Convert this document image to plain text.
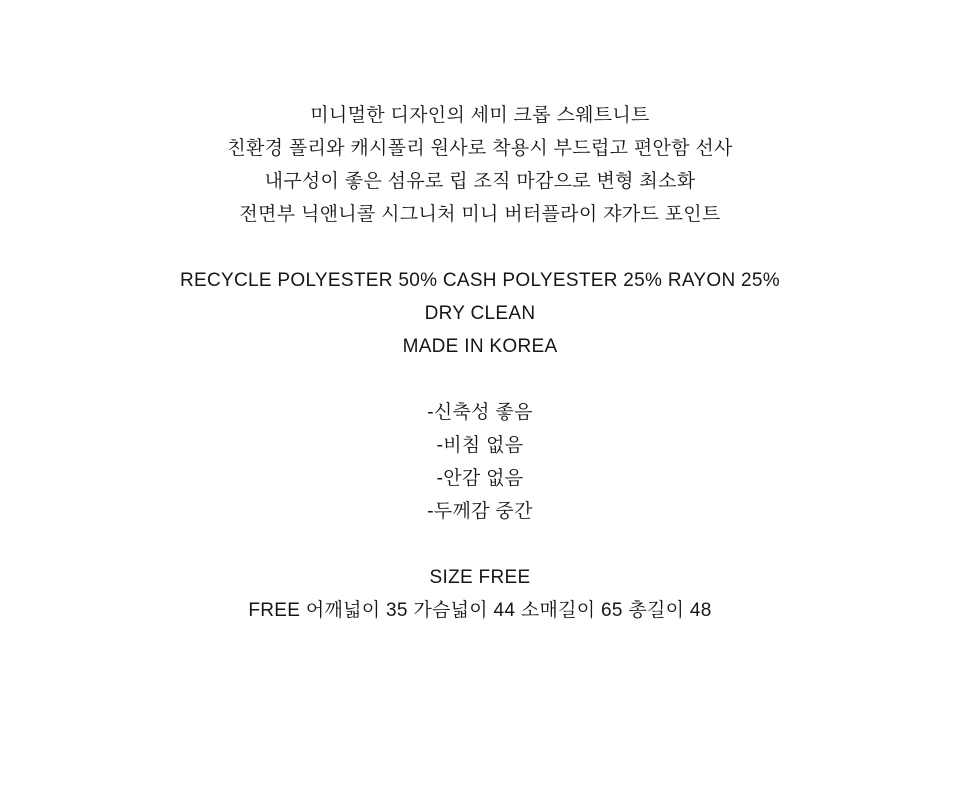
미니멀한 디자인의 세미 크롭 스웨트니트
친환경 폴리와 캐시폴리 원사로 착용시 부드럽고 편안함 선사
내구성이 좋은 섬유로 립 조직 마감으로 변형 최소화
전면부 닉앤니콜 시그니처 미니 버터플라이 쟈가드 포인트
RECYCLE POLYESTER 50% CASH POLYESTER 25% RAYON 25%
DRY CLEAN
MADE IN KOREA
-신축성 좋음
-비침 없음
-안감 없음
-두께감 중간
SIZE FREE
FREE 어깨넓이 35 가슴넓이 44 소매길이 65 총길이 48
